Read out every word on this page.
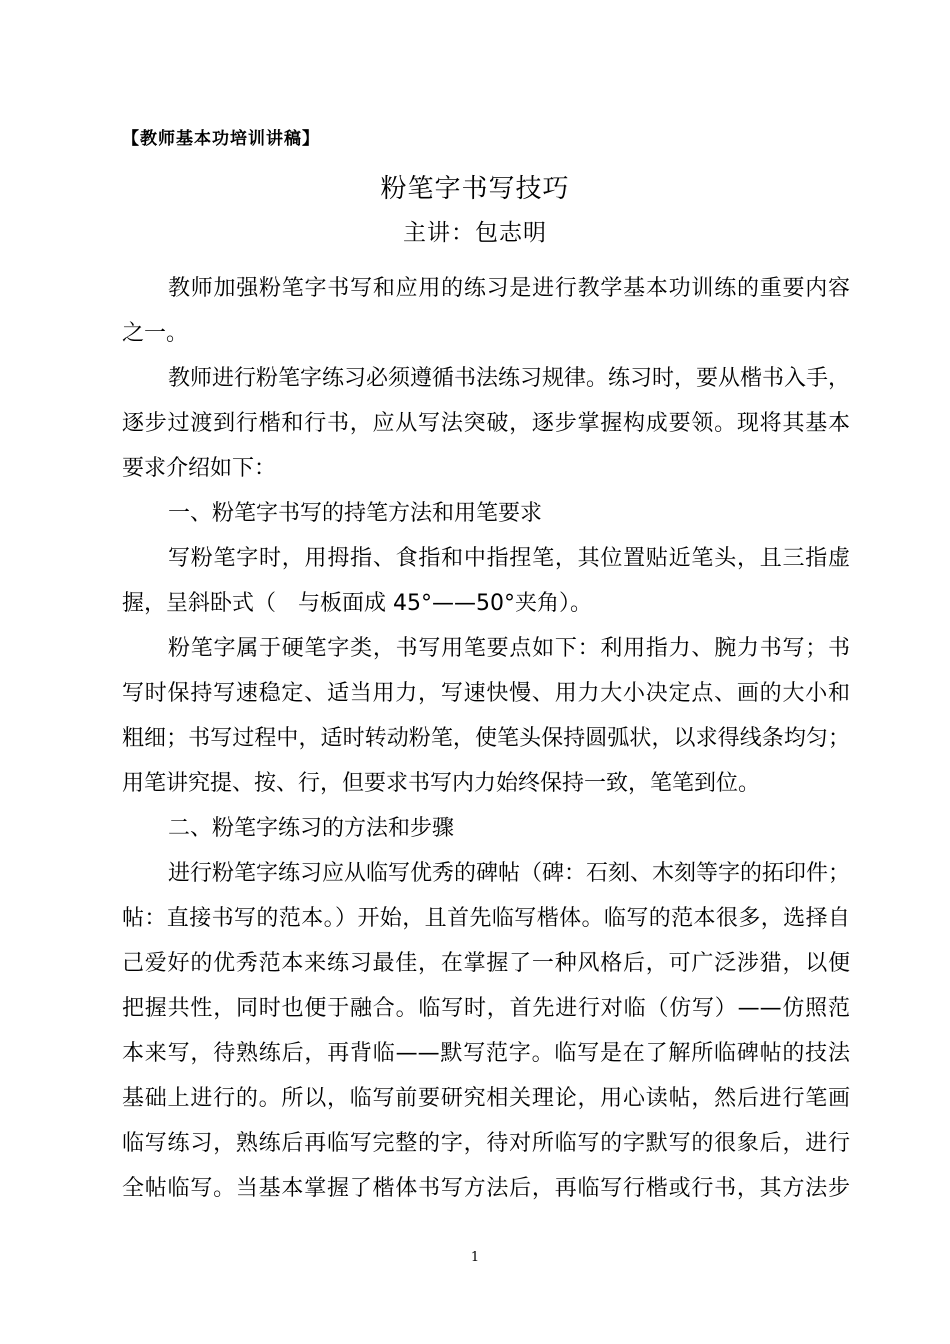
【教师基本功培训讲稿】
粉笔字书写技巧
主讲：包志明
教师加强粉笔字书写和应用的练习是进行教学基本功训练的重要内容
之一。
教师进行粉笔字练习必须遵循书法练习规律。练习时，要从楷书入手，
逐步过渡到行楷和行书，应从写法突破，逐步掌握构成要领。现将其基本
要求介绍如下：
一、粉笔字书写的持笔方法和用笔要求
写粉笔字时，用拇指、食指和中指捏笔，其位置贴近笔头，且三指虚
握，呈斜卧式（　与板面成 45°——50°夹角）。
粉笔字属于硬笔字类，书写用笔要点如下：利用指力、腕力书写；书
写时保持写速稳定、适当用力，写速快慢、用力大小决定点、画的大小和
粗细；书写过程中，适时转动粉笔，使笔头保持圆弧状，以求得线条均匀；
用笔讲究提、按、行，但要求书写内力始终保持一致，笔笔到位。
二、粉笔字练习的方法和步骤
进行粉笔字练习应从临写优秀的碑帖（碑：石刻、木刻等字的拓印件；
帖：直接书写的范本。）开始，且首先临写楷体。临写的范本很多，选择自
己爱好的优秀范本来练习最佳，在掌握了一种风格后，可广泛涉猎，以便
把握共性，同时也便于融合。临写时，首先进行对临（仿写）——仿照范
本来写，待熟练后，再背临——默写范字。临写是在了解所临碑帖的技法
基础上进行的。所以，临写前要研究相关理论，用心读帖，然后进行笔画
临写练习，熟练后再临写完整的字，待对所临写的字默写的很象后，进行
全帖临写。当基本掌握了楷体书写方法后，再临写行楷或行书，其方法步
1
